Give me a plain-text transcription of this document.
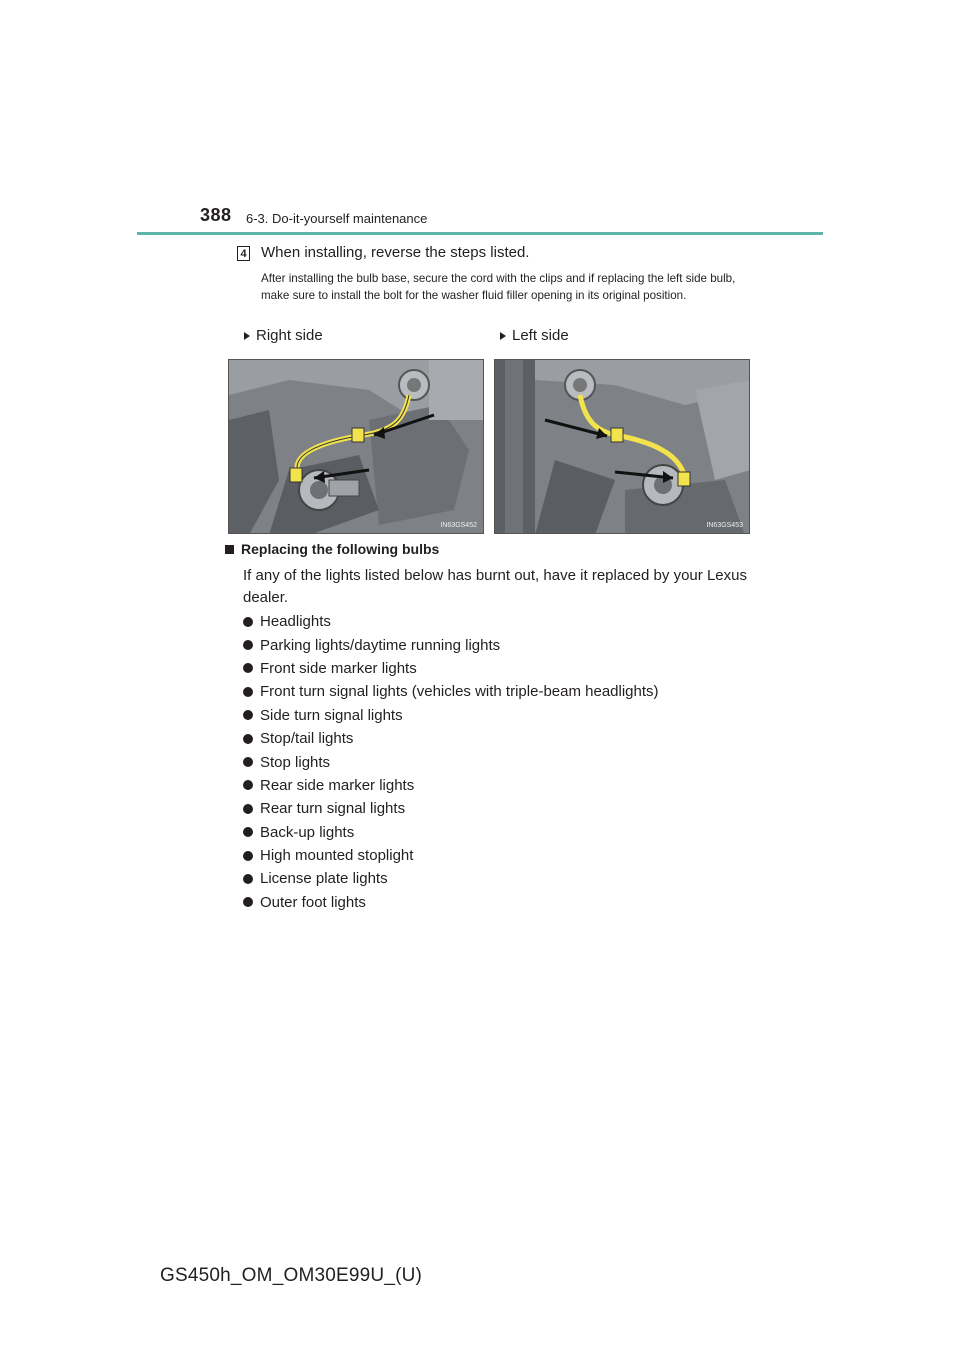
388 6-3. Do-it-yourself maintenance
4 When installing, reverse the steps listed.
After installing the bulb base, secure the cord with the clips and if replacing the left side bulb, make sure to install the bolt for the washer fluid filler opening in its original position.
Right side	Left side
IN63GS452	IN63GS453
Replacing the following bulbs
If any of the lights listed below has burnt out, have it replaced by your Lexus dealer.
Headlights
Parking lights/daytime running lights
Front side marker lights
Front turn signal lights (vehicles with triple-beam headlights)
Side turn signal lights
Stop/tail lights
Stop lights
Rear side marker lights
Rear turn signal lights
Back-up lights
High mounted stoplight
License plate lights
Outer foot lights
GS450h_OM_OM30E99U_(U)
